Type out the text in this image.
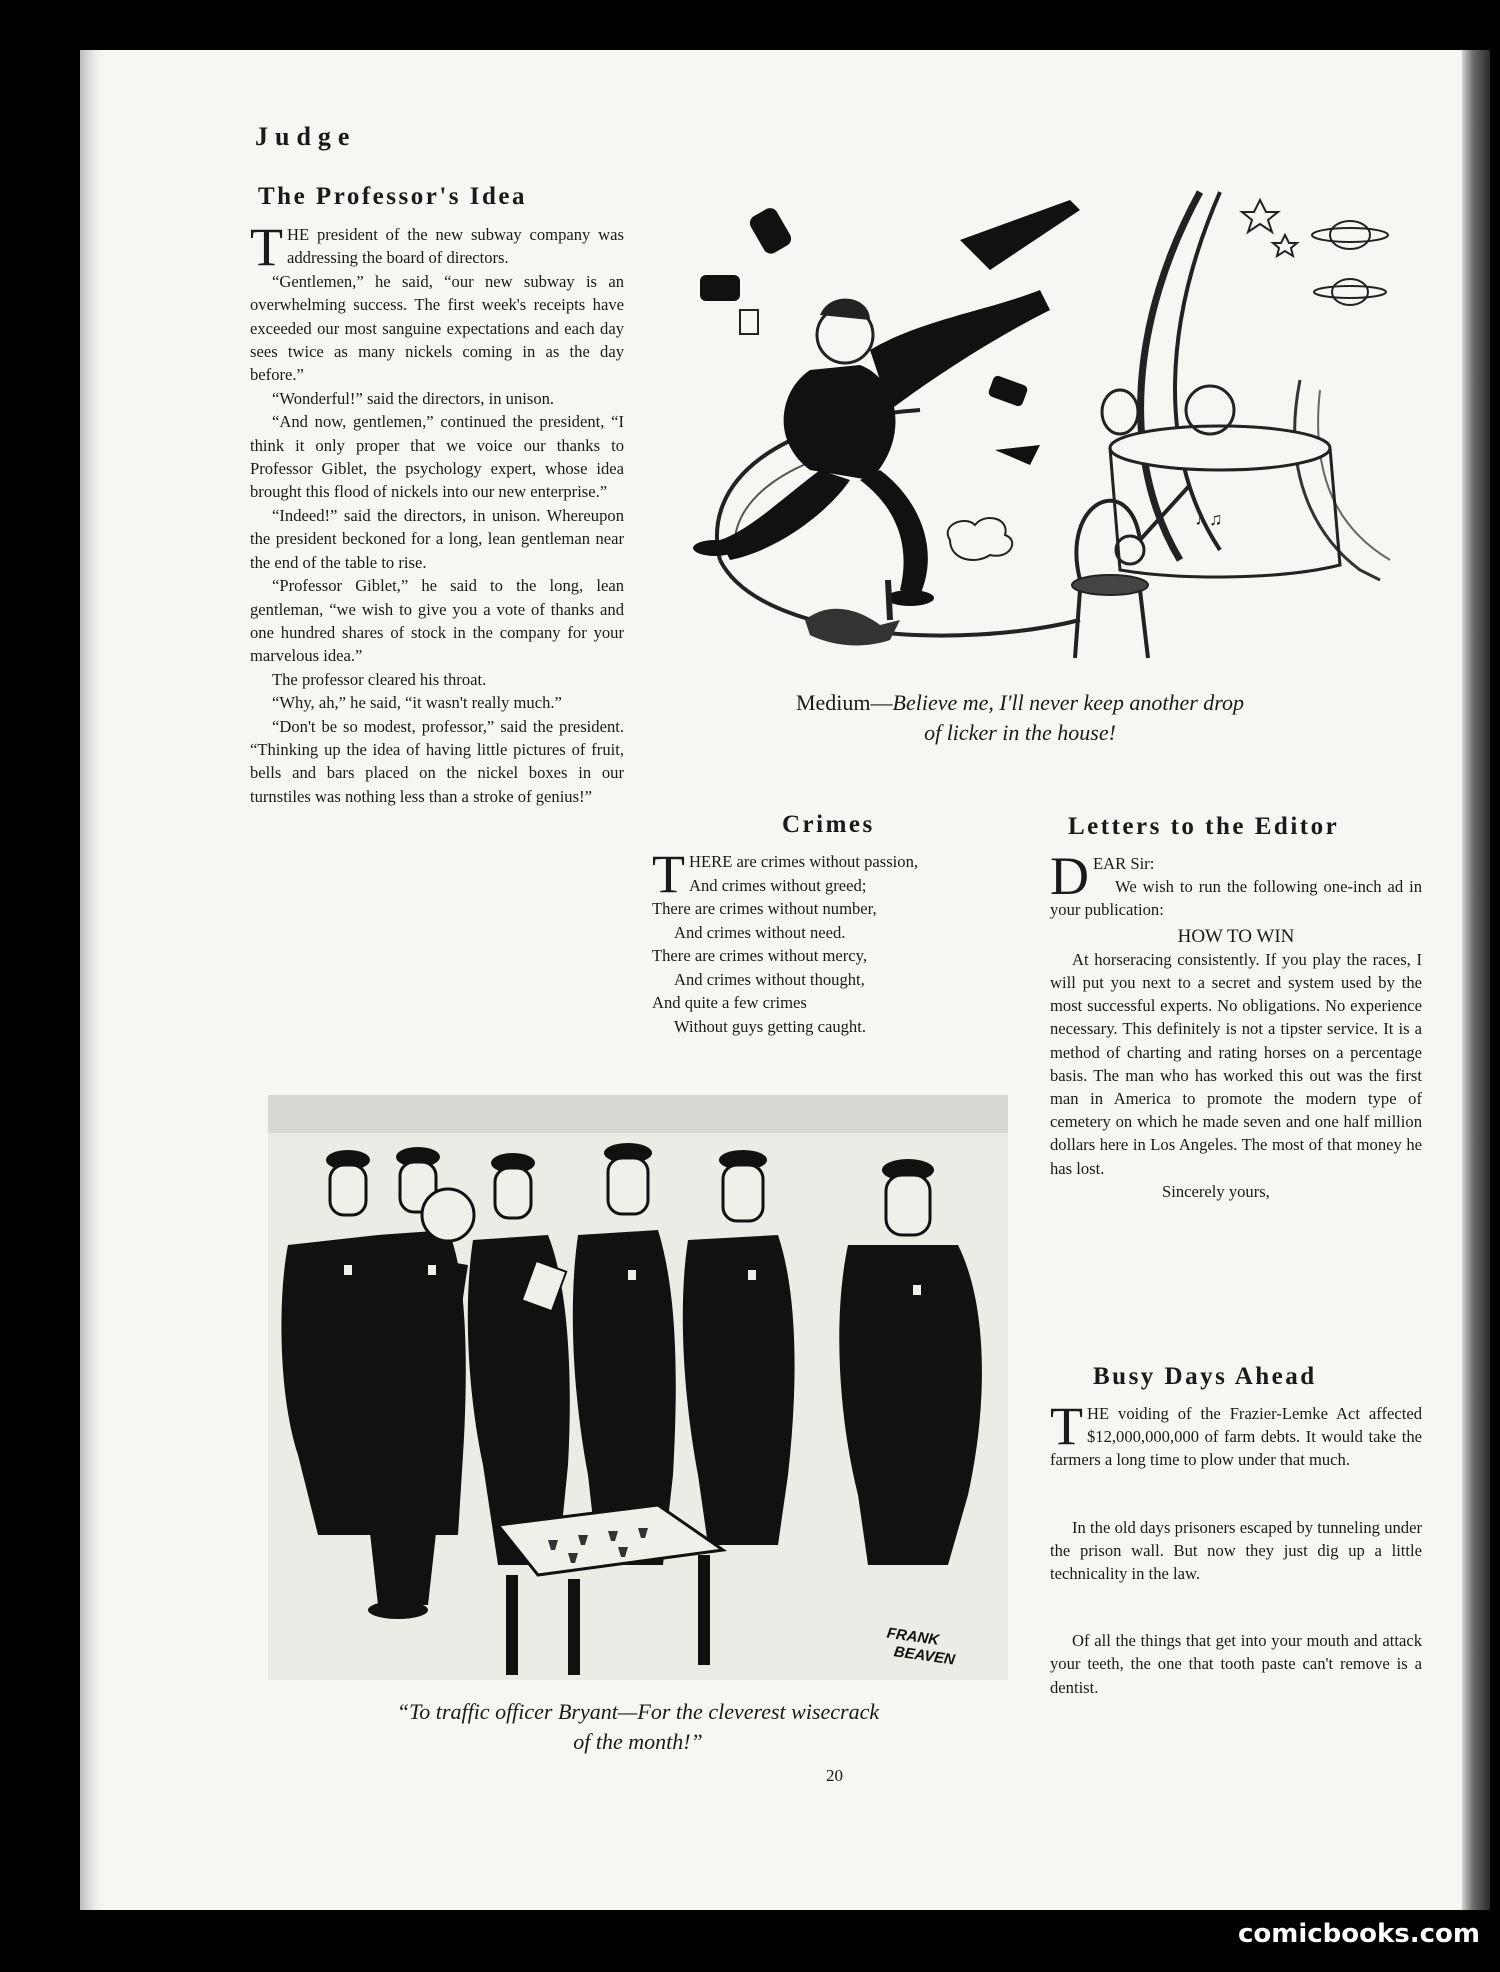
Judge
The Professor's Idea

THE president of the new subway company was addressing the board of directors.

“Gentlemen,” he said, “our new subway is an overwhelming success. The first week's receipts have exceeded our most sanguine expectations and each day sees twice as many nickels coming in as the day before.”

“Wonderful!” said the directors, in unison.

“And now, gentlemen,” continued the president, “I think it only proper that we voice our thanks to Professor Giblet, the psychology expert, whose idea brought this flood of nickels into our new enterprise.”

“Indeed!” said the directors, in unison. Whereupon the president beckoned for a long, lean gentleman near the end of the table to rise.

“Professor Giblet,” he said to the long, lean gentleman, “we wish to give you a vote of thanks and one hundred shares of stock in the company for your marvelous idea.”

The professor cleared his throat.

“Why, ah,” he said, “it wasn't really much.”

“Don't be so modest, professor,” said the president. “Thinking up the idea of having little pictures of fruit, bells and bars placed on the nickel boxes in our turnstiles was nothing less than a stroke of genius!”

♪ ♫
Medium—Believe me, I'll never keep another drop
of licker in the house!
Crimes
THERE are crimes without passion,
And crimes without greed;
There are crimes without number,
And crimes without need.
There are crimes without mercy,
And crimes without thought,
And quite a few crimes
Without guys getting caught.
Letters to the Editor

DEAR Sir:

We wish to run the following one-inch ad in your publication:

HOW TO WIN

At horseracing consistently. If you play the races, I will put you next to a secret and system used by the most successful experts. No obligations. No experience necessary. This definitely is not a tipster service. It is a method of charting and rating horses on a percentage basis. The man who has worked this out was the first man in America to promote the modern type of cemetery on which he made seven and one half million dollars here in Los Angeles. The most of that money he has lost.

Sincerely yours,

Busy Days Ahead

THE voiding of the Frazier-Lemke Act affected $12,000,000,000 of farm debts. It would take the farmers a long time to plow under that much.

In the old days prisoners escaped by tunneling under the prison wall. But now they just dig up a little technicality in the law.

Of all the things that get into your mouth and attack your teeth, the one that tooth paste can't remove is a dentist.

FRANK
BEAVEN
“To traffic officer Bryant—For the cleverest wisecrack
of the month!”
20
comicbooks.com
